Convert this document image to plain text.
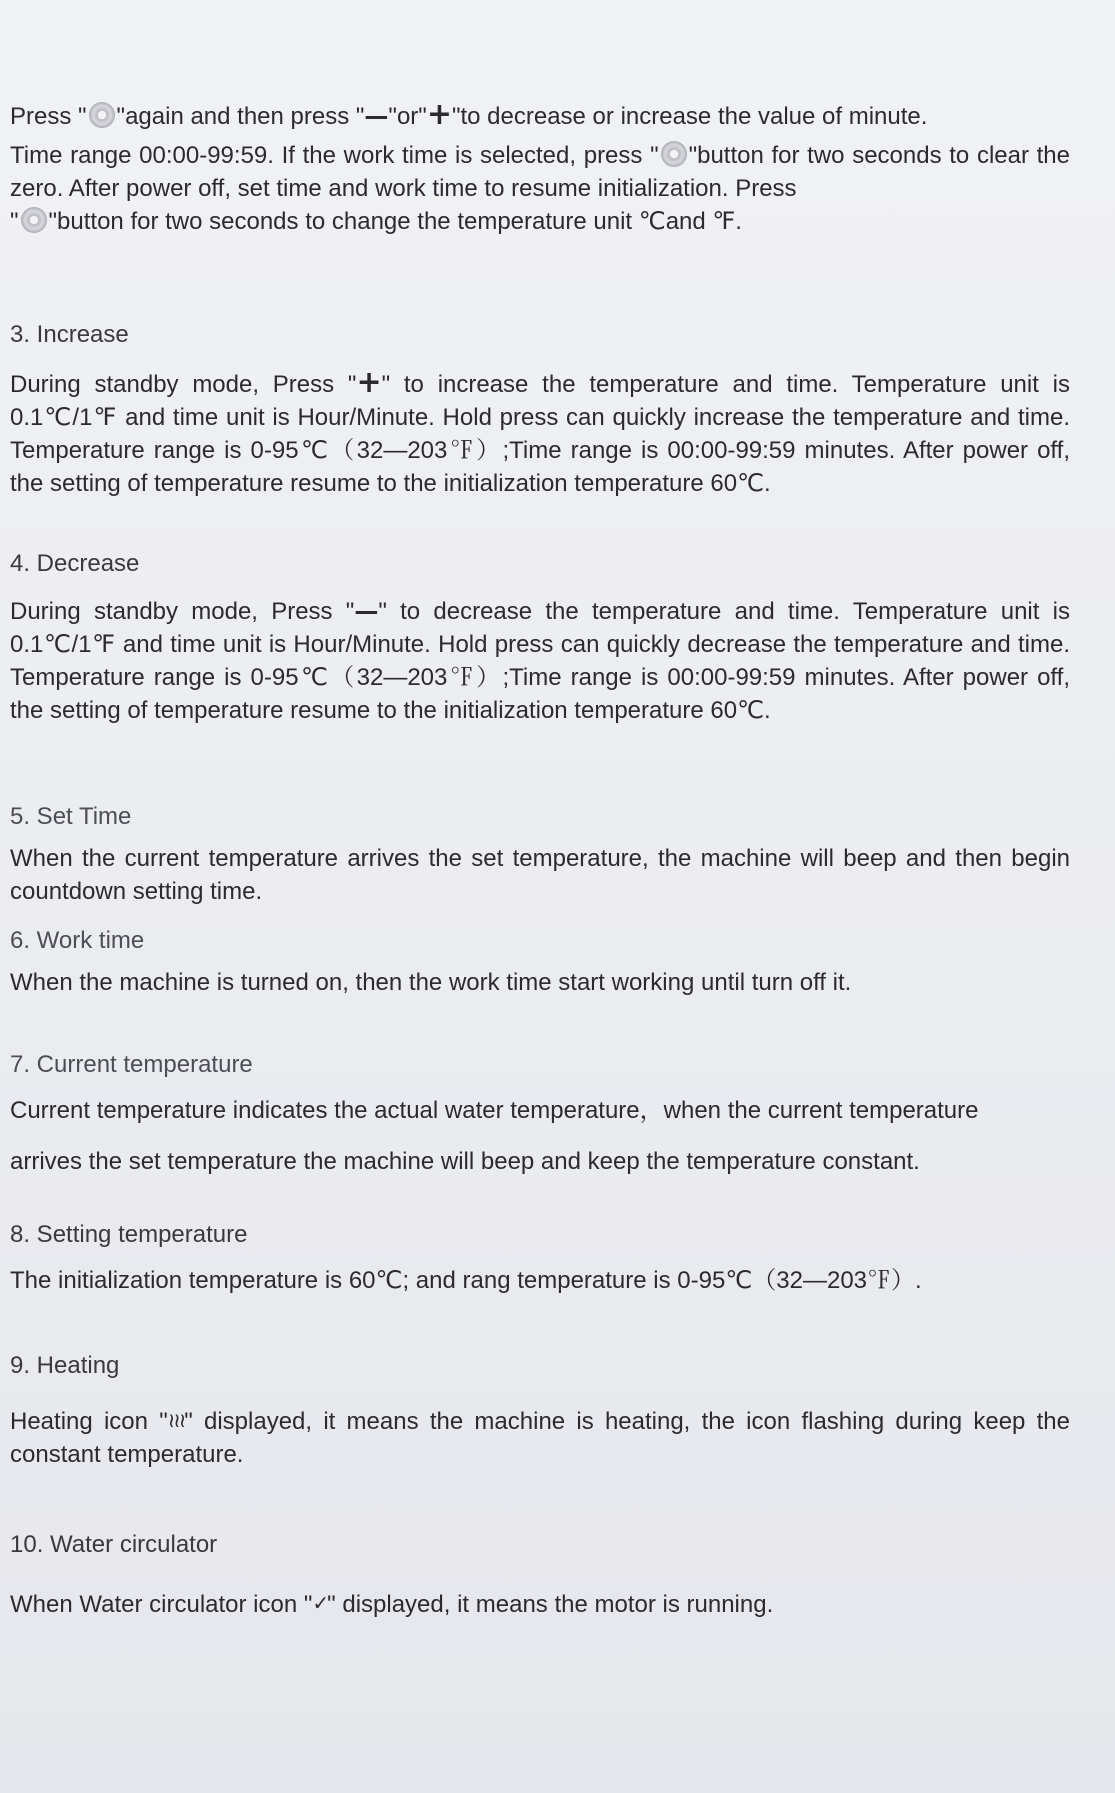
Press " "again and then press "—"or"+"to decrease or increase the value of minute.

Time range 00:00-99:59. If the work time is selected, press " "button for two seconds to clear the zero. After power off, set time and work time to resume initialization. Press

" "button for two seconds to change the temperature unit ℃and ℉.

3. Increase

During standby mode, Press "+" to increase the temperature and time. Temperature unit is 0.1℃/1℉ and time unit is Hour/Minute. Hold press can quickly increase the temperature and time. Temperature range is 0-95℃（32—203℉）;Time range is 00:00-99:59 minutes. After power off, the setting of temperature resume to the initialization temperature 60℃.

4. Decrease

During standby mode, Press "—" to decrease the temperature and time. Temperature unit is 0.1℃/1℉ and time unit is Hour/Minute. Hold press can quickly decrease the temperature and time. Temperature range is 0-95℃（32—203℉）;Time range is 00:00-99:59 minutes. After power off, the setting of temperature resume to the initialization temperature 60℃.

5. Set Time

When the current temperature arrives the set temperature, the machine will beep and then begin countdown setting time.

6. Work time

When the machine is turned on, then the work time start working until turn off it.

7. Current temperature

Current temperature indicates the actual water temperature，when the current temperature

arrives the set temperature the machine will beep and keep the temperature constant.

8. Setting temperature

The initialization temperature is 60℃; and rang temperature is 0-95℃（32—203℉）.

9. Heating

Heating icon "≀≀≀" displayed, it means the machine is heating, the icon flashing during keep the constant temperature.

10. Water circulator

When Water circulator icon "✓" displayed, it means the motor is running.
